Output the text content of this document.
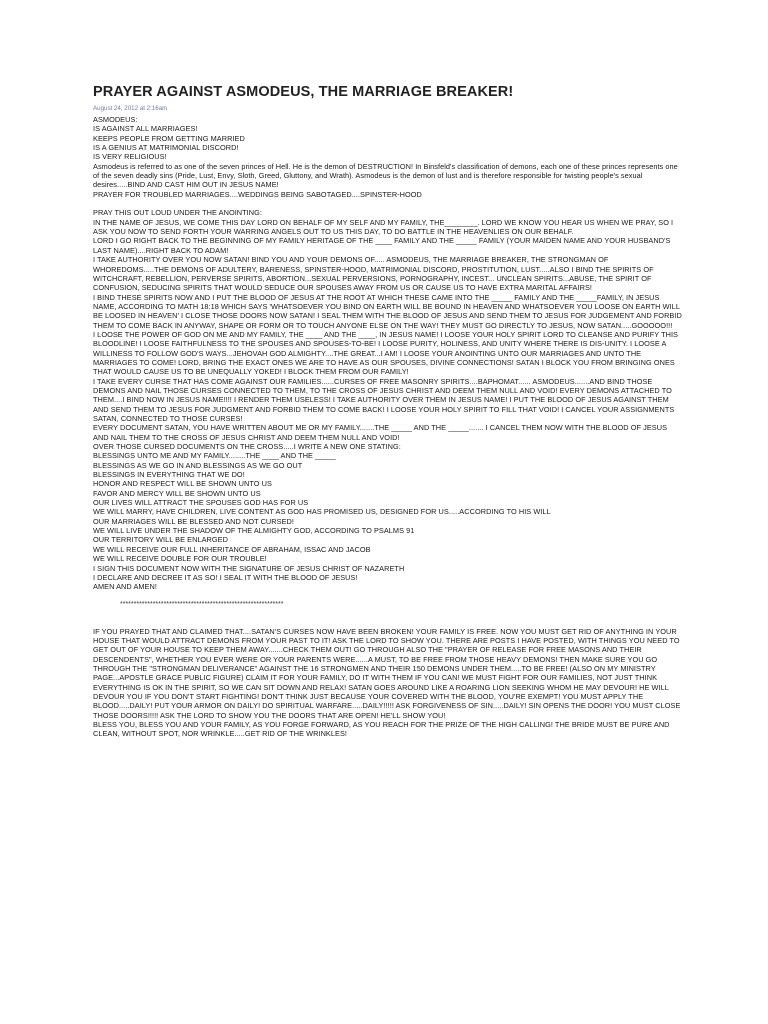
PRAYER AGAINST ASMODEUS, THE MARRIAGE BREAKER!
August 24, 2012 at 2:16am

ASMODEUS:

IS AGAINST ALL MARRIAGES!

KEEPS PEOPLE FROM GETTING MARRIED

IS A GENIUS AT MATRIMONIAL DISCORD!

IS VERY RELIGIOUS!

Asmodeus is referred to as one of the seven princes of Hell. He is the demon of DESTRUCTION! In Binsfeld's classification of demons, each one of these princes represents one of the seven deadly sins (Pride, Lust, Envy, Sloth, Greed, Gluttony, and Wrath). Asmodeus is the demon of lust and is therefore responsible for twisting people's sexual desires.....BIND AND CAST HIM OUT IN JESUS NAME!

PRAYER FOR TROUBLED MARRIAGES....WEDDINGS BEING SABOTAGED....SPINSTER-HOOD

PRAY THIS OUT LOUD UNDER THE ANOINTING:

IN THE NAME OF JESUS, WE COME THIS DAY LORD ON BEHALF OF MY SELF AND MY FAMILY, THE________. LORD WE KNOW YOU HEAR US WHEN WE PRAY, SO I ASK YOU NOW TO SEND FORTH YOUR WARRING ANGELS OUT TO US THIS DAY, TO DO BATTLE IN THE HEAVENLIES ON OUR BEHALF.

LORD I GO RIGHT BACK TO THE BEGINNING OF MY FAMILY HERITAGE OF THE ____ FAMILY AND THE _____ FAMILY (YOUR MAIDEN NAME AND YOUR HUSBAND'S LAST NAME)....RIGHT BACK TO ADAM!

I TAKE AUTHORITY OVER YOU NOW SATAN! BIND YOU AND YOUR DEMONS OF..... ASMODEUS, THE MARRIAGE BREAKER, THE STRONGMAN OF WHOREDOMS.....THE DEMONS OF ADULTERY, BARENESS, SPINSTER-HOOD, MATRIMONIAL DISCORD, PROSTITUTION, LUST.....ALSO I BIND THE SPIRITS OF WITCHCRAFT, REBELLION, PERVERSE SPIRITS, ABORTION...SEXUAL PERVERSIONS, PORNOGRAPHY, INCEST... UNCLEAN SPIRITS...ABUSE, THE SPIRIT OF CONFUSION, SEDUCING SPIRITS THAT WOULD SEDUCE OUR SPOUSES AWAY FROM US OR CAUSE US TO HAVE EXTRA MARITAL AFFAIRS!

I BIND THESE SPIRITS NOW AND I PUT THE BLOOD OF JESUS AT THE ROOT AT WHICH THESE CAME INTO THE _____ FAMILY AND THE _____FAMILY, IN JESUS NAME, ACCORDING TO MATH 18:18 WHICH SAYS 'WHATSOEVER YOU BIND ON EARTH WILL BE BOUND IN HEAVEN AND WHATSOEVER YOU LOOSE ON EARTH WILL BE LOOSED IN HEAVEN' I CLOSE THOSE DOORS NOW SATAN! I SEAL THEM WITH THE BLOOD OF JESUS AND SEND THEM TO JESUS FOR JUDGEMENT AND FORBID THEM TO COME BACK IN ANYWAY, SHAPE OR FORM OR TO TOUCH ANYONE ELSE ON THE WAY! THEY MUST GO DIRECTLY TO JESUS, NOW SATAN.....GOOOOO!!!

I LOOSE THE POWER OF GOD ON ME AND MY FAMILY, THE ____ AND THE ____, IN JESUS NAME! I LOOSE YOUR HOLY SPIRIT LORD TO CLEANSE AND PURIFY THIS BLOODLINE! I LOOSE FAITHFULNESS TO THE SPOUSES AND SPOUSES-TO-BE! I LOOSE PURITY, HOLINESS, AND UNITY WHERE THERE IS DIS-UNITY. I LOOSE A WILLINESS TO FOLLOW GOD'S WAYS...JEHOVAH GOD ALMIGHTY....THE GREAT...I AM! I LOOSE YOUR ANOINTING UNTO OUR MARRIAGES AND UNTO THE MARRIAGES TO COME! LORD, BRING THE EXACT ONES WE ARE TO HAVE AS OUR SPOUSES, DIVINE CONNECTIONS! SATAN I BLOCK YOU FROM BRINGING ONES THAT WOULD CAUSE US TO BE UNEQUALLY YOKED! I BLOCK THEM FROM OUR FAMILY!

I TAKE EVERY CURSE THAT HAS COME AGAINST OUR FAMILIES......CURSES OF FREE MASONRY SPIRITS....BAPHOMAT...... ASMODEUS.......AND BIND THOSE DEMONS AND NAIL THOSE CURSES CONNECTED TO THEM, TO THE CROSS OF JESUS CHRIST AND DEEM THEM NULL AND VOID! EVERY DEMONS ATTACHED TO THEM....I BIND NOW IN JESUS NAME!!!! I RENDER THEM USELESS! I TAKE AUTHORITY OVER THEM IN JESUS NAME! I PUT THE BLOOD OF JESUS AGAINST THEM AND SEND THEM TO JESUS FOR JUDGMENT AND FORBID THEM TO COME BACK! I LOOSE YOUR HOLY SPIRIT TO FILL THAT VOID! I CANCEL YOUR ASSIGNMENTS SATAN, CONNECTED TO THOSE CURSES!

EVERY DOCUMENT SATAN, YOU HAVE WRITTEN ABOUT ME OR MY FAMILY.......THE _____ AND THE _____....... I CANCEL THEM NOW WITH THE BLOOD OF JESUS AND NAIL THEM TO THE CROSS OF JESUS CHRIST AND DEEM THEM NULL AND VOID!

OVER THOSE CURSED DOCUMENTS ON THE CROSS.....I WRITE A NEW ONE STATING:

BLESSINGS UNTO ME AND MY FAMILY........THE ____ AND THE _____

BLESSINGS AS WE GO IN AND BLESSINGS AS WE GO OUT

BLESSINGS IN EVERYTHING THAT WE DO!

HONOR AND RESPECT WILL BE SHOWN UNTO US

FAVOR AND MERCY WILL BE SHOWN UNTO US

OUR LIVES WILL ATTRACT THE SPOUSES GOD HAS FOR US

WE WILL MARRY, HAVE CHILDREN, LIVE CONTENT AS GOD HAS PROMISED US, DESIGNED FOR US.....ACCORDING TO HIS WILL

OUR MARRIAGES WILL BE BLESSED AND NOT CURSED!

WE WILL LIVE UNDER THE SHADOW OF THE ALMIGHTY GOD, ACCORDING TO PSALMS 91

OUR TERRITORY WILL BE ENLARGED

WE WILL RECEIVE OUR FULL INHERITANCE OF ABRAHAM, ISSAC AND JACOB

WE WILL RECEIVE DOUBLE FOR OUR TROUBLE!

I SIGN THIS DOCUMENT NOW WITH THE SIGNATURE OF JESUS CHRIST OF NAZARETH

I DECLARE AND DECREE IT AS SO! I SEAL IT WITH THE BLOOD OF JESUS!

AMEN AND AMEN!

************************************************************

IF YOU PRAYED THAT AND CLAIMED THAT....SATAN'S CURSES NOW HAVE BEEN BROKEN! YOUR FAMILY IS FREE. NOW YOU MUST GET RID OF ANYTHING IN YOUR HOUSE THAT WOULD ATTRACT DEMONS FROM YOUR PAST TO IT! ASK THE LORD TO SHOW YOU. THERE ARE POSTS I HAVE POSTED, WITH THINGS YOU NEED TO GET OUT OF YOUR HOUSE TO KEEP THEM AWAY.......CHECK THEM OUT! GO THROUGH ALSO THE "PRAYER OF RELEASE FOR FREE MASONS AND THEIR DESCENDENTS", WHETHER YOU EVER WERE OR YOUR PARENTS WERE......A MUST, TO BE FREE FROM THOSE HEAVY DEMONS! THEN MAKE SURE YOU GO THROUGH THE "STRONGMAN DELIVERANCE" AGAINST THE 16 STRONGMEN AND THEIR 150 DEMONS UNDER THEM.....TO BE FREE! (ALSO ON MY MINISTRY PAGE...APOSTLE GRACE PUBLIC FIGURE) CLAIM IT FOR YOUR FAMILY, DO IT WITH THEM IF YOU CAN! WE MUST FIGHT FOR OUR FAMILIES, NOT JUST THINK EVERYTHING IS OK IN THE SPIRIT, SO WE CAN SIT DOWN AND RELAX! SATAN GOES AROUND LIKE A ROARING LION SEEKING WHOM HE MAY DEVOUR! HE WILL DEVOUR YOU IF YOU DON'T START FIGHTING! DON'T THINK JUST BECAUSE YOUR COVERED WITH THE BLOOD, YOU'RE EXEMPT! YOU MUST APPLY THE BLOOD.....DAILY! PUT YOUR ARMOR ON DAILY! DO SPIRITUAL WARFARE.....DAILY!!!!! ASK FORGIVENESS OF SIN.....DAILY! SIN OPENS THE DOOR! YOU MUST CLOSE THOSE DOORS!!!!! ASK THE LORD TO SHOW YOU THE DOORS THAT ARE OPEN! HE'LL SHOW YOU!

BLESS YOU, BLESS YOU AND YOUR FAMILY, AS YOU FORGE FORWARD, AS YOU REACH FOR THE PRIZE OF THE HIGH CALLING! THE BRIDE MUST BE PURE AND CLEAN, WITHOUT SPOT, NOR WRINKLE.....GET RID OF THE WRINKLES!
